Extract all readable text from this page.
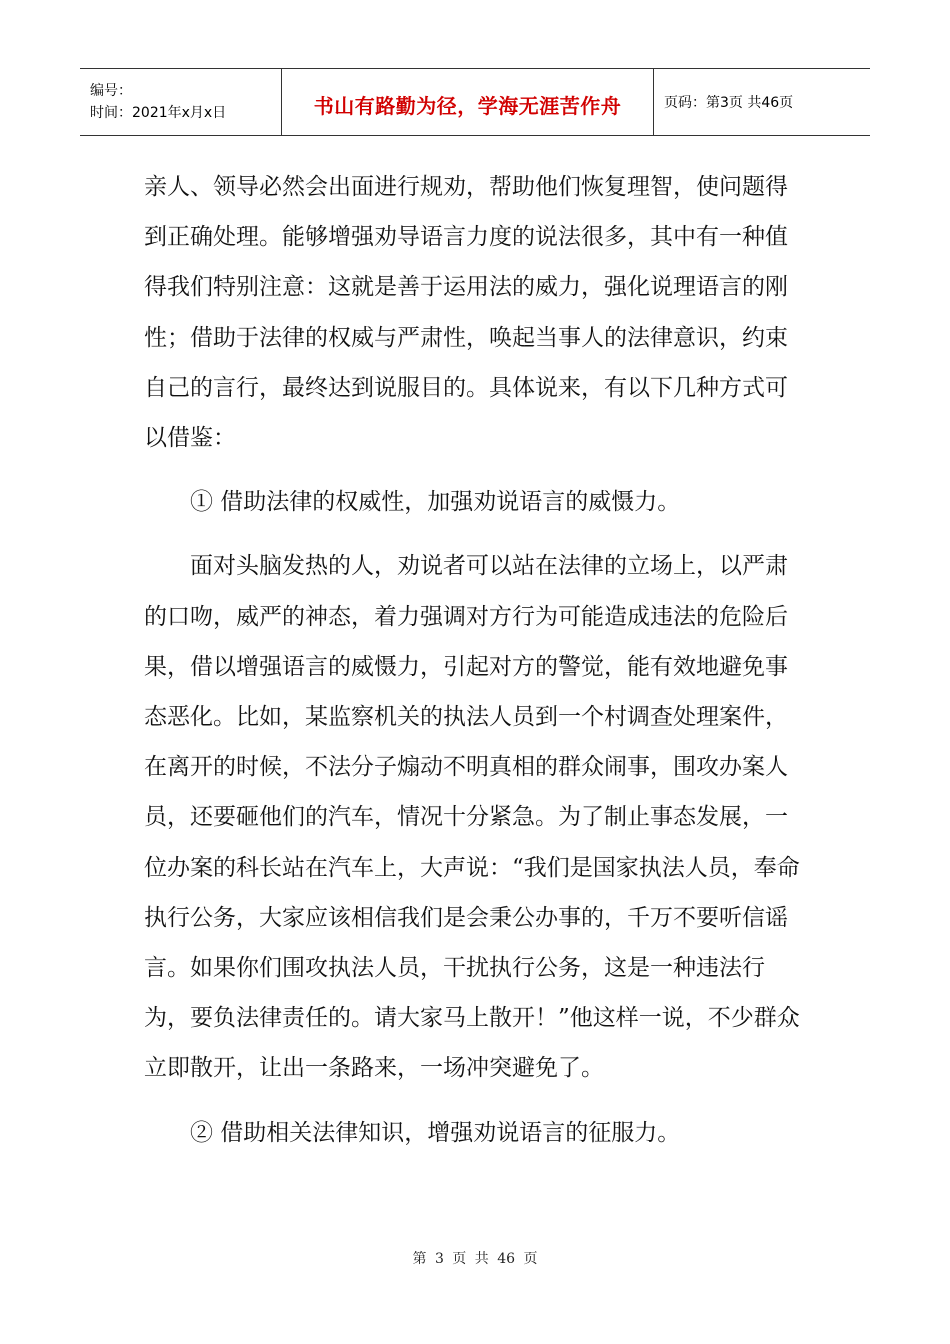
编号：
时间：2021年x月x日	书山有路勤为径，学海无涯苦作舟	页码：第3页 共46页

亲人、领导必然会出面进行规劝，帮助他们恢复理智，使问题得到正确处理。能够增强劝导语言力度的说法很多，其中有一种值得我们特别注意：这就是善于运用法的威力，强化说理语言的刚性；借助于法律的权威与严肃性，唤起当事人的法律意识，约束自己的言行，最终达到说服目的。具体说来，有以下几种方式可以借鉴：

① 借助法律的权威性，加强劝说语言的威慑力。

面对头脑发热的人，劝说者可以站在法律的立场上，以严肃的口吻，威严的神态，着力强调对方行为可能造成违法的危险后果，借以增强语言的威慑力，引起对方的警觉，能有效地避免事态恶化。比如，某监察机关的执法人员到一个村调查处理案件，在离开的时候，不法分子煽动不明真相的群众闹事，围攻办案人员，还要砸他们的汽车，情况十分紧急。为了制止事态发展，一位办案的科长站在汽车上，大声说：“我们是国家执法人员，奉命执行公务，大家应该相信我们是会秉公办事的，千万不要听信谣言。如果你们围攻执法人员，干扰执行公务，这是一种违法行为，要负法律责任的。请大家马上散开！”他这样一说，不少群众立即散开，让出一条路来，一场冲突避免了。

② 借助相关法律知识，增强劝说语言的征服力。

第 3 页 共 46 页
